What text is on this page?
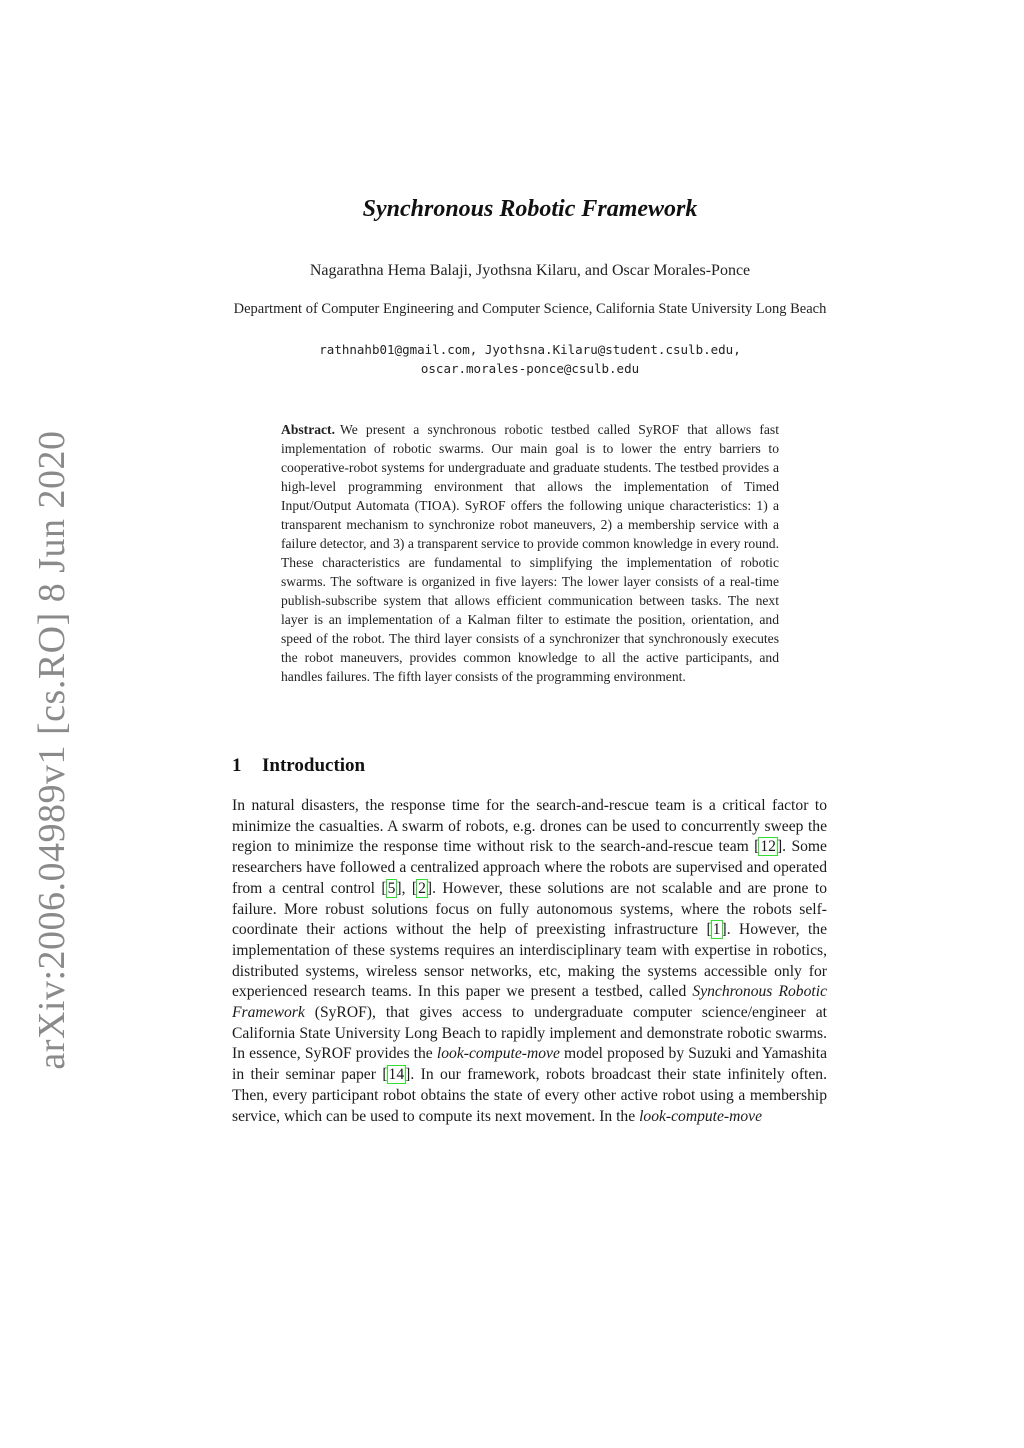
arXiv:2006.04989v1 [cs.RO] 8 Jun 2020
Synchronous Robotic Framework
Nagarathna Hema Balaji, Jyothsna Kilaru, and Oscar Morales-Ponce
Department of Computer Engineering and Computer Science, California State University Long Beach
rathnahb01@gmail.com, Jyothsna.Kilaru@student.csulb.edu,
oscar.morales-ponce@csulb.edu
Abstract. We present a synchronous robotic testbed called SyROF that allows fast implementation of robotic swarms. Our main goal is to lower the entry barriers to cooperative-robot systems for undergraduate and graduate students. The testbed provides a high-level programming environment that allows the implementation of Timed Input/Output Automata (TIOA). SyROF offers the following unique characteristics: 1) a transparent mechanism to synchronize robot maneuvers, 2) a membership service with a failure detector, and 3) a transparent service to provide common knowledge in every round. These characteristics are fundamental to simplifying the implementation of robotic swarms. The software is organized in five layers: The lower layer consists of a real-time publish-subscribe system that allows efficient communication between tasks. The next layer is an implementation of a Kalman filter to estimate the position, orientation, and speed of the robot. The third layer consists of a synchronizer that synchronously executes the robot maneuvers, provides common knowledge to all the active participants, and handles failures. The fifth layer consists of the programming environment.
1 Introduction
In natural disasters, the response time for the search-and-rescue team is a critical factor to minimize the casualties. A swarm of robots, e.g. drones can be used to concurrently sweep the region to minimize the response time without risk to the search-and-rescue team [12]. Some researchers have followed a centralized approach where the robots are supervised and operated from a central control [5], [2]. However, these solutions are not scalable and are prone to failure. More robust solutions focus on fully autonomous systems, where the robots self-coordinate their actions without the help of preexisting infrastructure [1]. However, the implementation of these systems requires an interdisciplinary team with expertise in robotics, distributed systems, wireless sensor networks, etc, making the systems accessible only for experienced research teams. In this paper we present a testbed, called Synchronous Robotic Framework (SyROF), that gives access to undergraduate computer science/engineer at California State University Long Beach to rapidly implement and demonstrate robotic swarms. In essence, SyROF provides the look-compute-move model proposed by Suzuki and Yamashita in their seminar paper [14]. In our framework, robots broadcast their state infinitely often. Then, every participant robot obtains the state of every other active robot using a membership service, which can be used to compute its next movement. In the look-compute-move
